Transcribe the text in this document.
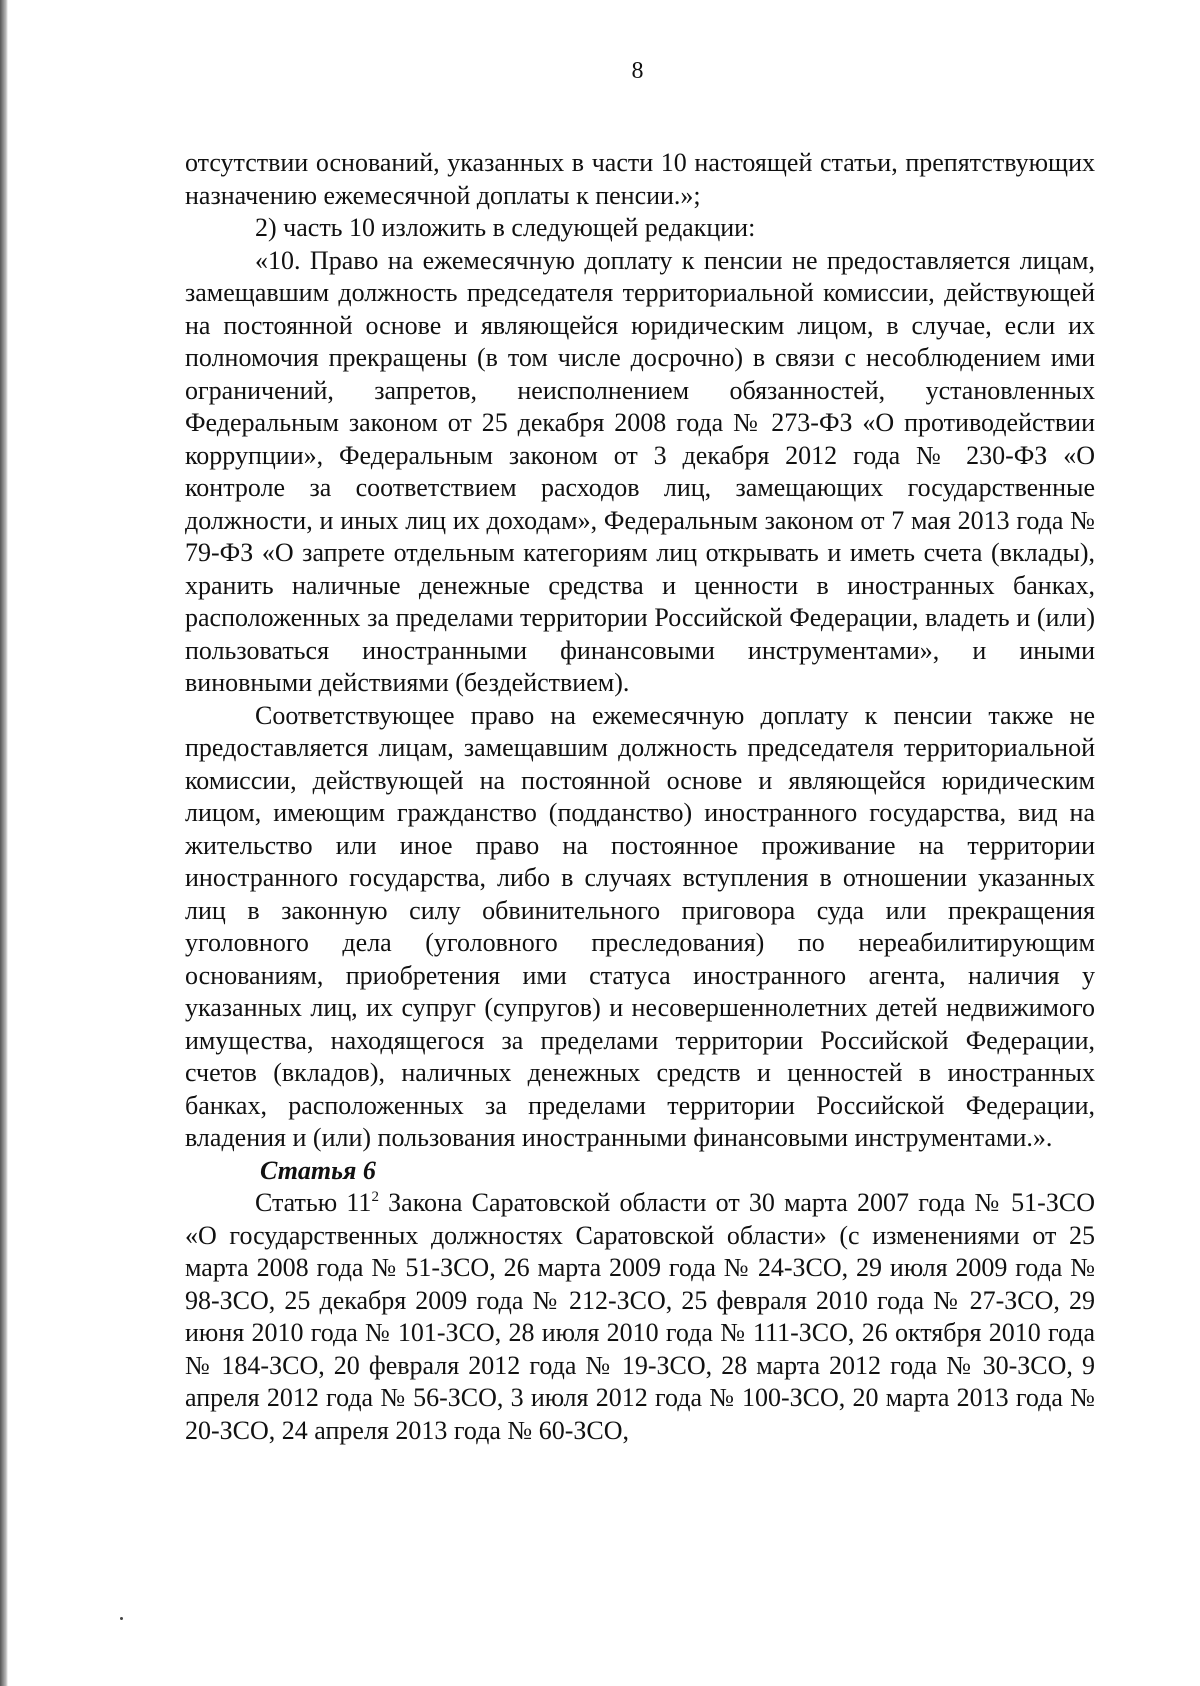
8

отсутствии оснований, указанных в части 10 настоящей статьи, препятствующих назначению ежемесячной доплаты к пенсии.»;

2) часть 10 изложить в следующей редакции:

«10. Право на ежемесячную доплату к пенсии не предоставляется лицам, замещавшим должность председателя территориальной комиссии, действующей на постоянной основе и являющейся юридическим лицом, в случае, если их полномочия прекращены (в том числе досрочно) в связи с несоблюдением ими ограничений, запретов, неисполнением обязанностей, установленных Федеральным законом от 25 декабря 2008 года № 273-ФЗ «О противодействии коррупции», Федеральным законом от 3 декабря 2012 года № 230-ФЗ «О контроле за соответствием расходов лиц, замещающих государственные должности, и иных лиц их доходам», Федеральным законом от 7 мая 2013 года № 79-ФЗ «О запрете отдельным категориям лиц открывать и иметь счета (вклады), хранить наличные денежные средства и ценности в иностранных банках, расположенных за пределами территории Российской Федерации, владеть и (или) пользоваться иностранными финансовыми инструментами», и иными виновными действиями (бездействием).

Соответствующее право на ежемесячную доплату к пенсии также не предоставляется лицам, замещавшим должность председателя территориальной комиссии, действующей на постоянной основе и являющейся юридическим лицом, имеющим гражданство (подданство) иностранного государства, вид на жительство или иное право на постоянное проживание на территории иностранного государства, либо в случаях вступления в отношении указанных лиц в законную силу обвинительного приговора суда или прекращения уголовного дела (уголовного преследования) по нереабилитирующим основаниям, приобретения ими статуса иностранного агента, наличия у указанных лиц, их супруг (супругов) и несовершеннолетних детей недвижимого имущества, находящегося за пределами территории Российской Федерации, счетов (вкладов), наличных денежных средств и ценностей в иностранных банках, расположенных за пределами территории Российской Федерации, владения и (или) пользования иностранными финансовыми инструментами.».

Статья 6

Статью $11^2$ Закона Саратовской области от 30 марта 2007 года № 51-ЗСО «О государственных должностях Саратовской области» (с изменениями от 25 марта 2008 года № 51-ЗСО, 26 марта 2009 года № 24-ЗСО, 29 июля 2009 года № 98-ЗСО, 25 декабря 2009 года № 212-ЗСО, 25 февраля 2010 года № 27-ЗСО, 29 июня 2010 года № 101-ЗСО, 28 июля 2010 года № 111-ЗСО, 26 октября 2010 года № 184-ЗСО, 20 февраля 2012 года № 19-ЗСО, 28 марта 2012 года № 30-ЗСО, 9 апреля 2012 года № 56-ЗСО, 3 июля 2012 года № 100-ЗСО, 20 марта 2013 года № 20-ЗСО, 24 апреля 2013 года № 60-ЗСО,
